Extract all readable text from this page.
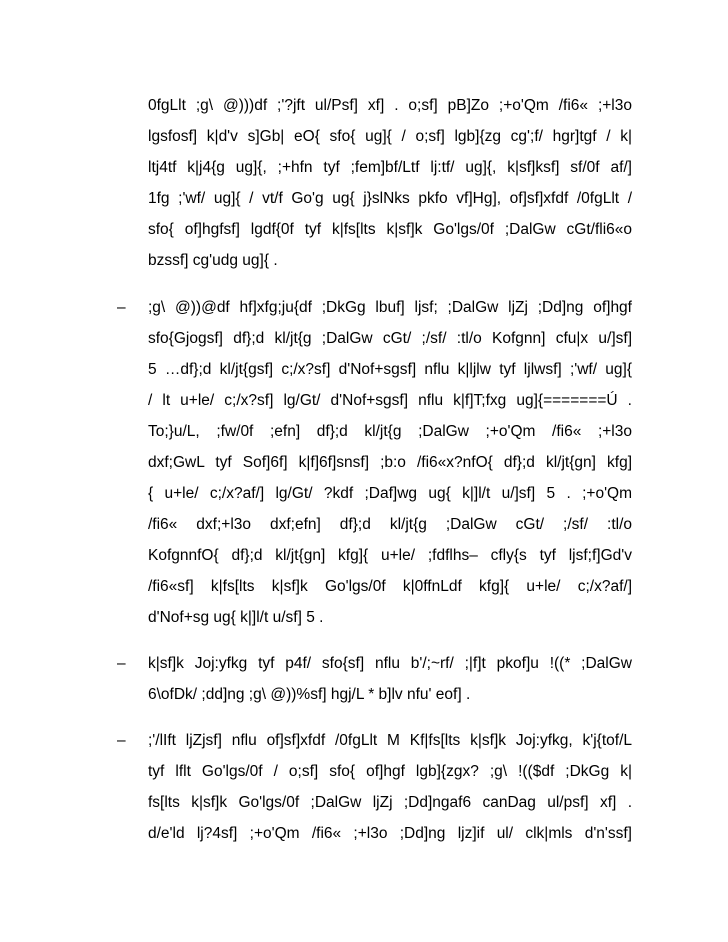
0fgLlt ;g\ @)))df ;'?jft ul/Psf] xf] . o;sf] pB]Zo ;+o'Qm /fi6« ;+l3o
lgsfosf] k|d'v s]Gb| eO{ sfo{ ug]{ / o;sf] lgb]{zg cg';f/ hgr]tgf / k|
ltj4tf k|j4{g ug]{, ;+hfn tyf ;fem]bf/Ltf lj:tf/ ug]{, k|sf]ksf] sf/0f af/]
1fg ;'wf/ ug]{ / vt/f Go'g ug{ j}slNks pkfo vf]Hg], of]sf]xfdf /0fgLlt /
sfo{ of]hgfsf] lgdf{0f tyf k|fs[lts k|sf]k Go'lgs/0f ;DalGw cGt/fli6«o
bzssf] cg'udg ug]{ .
– ;g\ @))@df hf]xfg;ju{df ;DkGg lbuf] ljsf; ;DalGw ljZj ;Dd]ng of]hgf
sfo{Gjogsf] df};d kl/jt{g ;DalGw cGt/ ;/sf/ :tl/o Kofgnn] cfu|x u/]sf]
5 …df};d kl/jt{gsf] c;/x?sf] d'Nof+sgsf] nflu k|ljlw tyf ljlwsf] ;'wf/ ug]{
/ lt u+le/ c;/x?sf] lg/Gt/ d'Nof+sgsf] nflu k|f]T;fxg ug]{=======Ú .
To;}u/L, ;fw/0f ;efn] df};d kl/jt{g ;DalGw ;+o'Qm /fi6« ;+l3o
dxf;GwL tyf Sof]6f] k|f]6f]snsf] ;b:o /fi6«x?nfO{ df};d kl/jt{gn] kfg]
{ u+le/ c;/x?af/] lg/Gt/ ?kdf ;Daf]wg ug{ k|]l/t u/]sf] 5 . ;+o'Qm
/fi6« dxf;+l3o dxf;efn] df};d kl/jt{g ;DalGw cGt/ ;/sf/ :tl/o
KofgnnfO{ df};d kl/jt{gn] kfg]{ u+le/ ;fdflhs– cfly{s tyf ljsf;f]Gd'v
/fi6«sf] k|fs[lts k|sf]k Go'lgs/0f k|0ffnLdf kfg]{ u+le/ c;/x?af/]
d'Nof+sg ug{ k|]l/t u/sf] 5 .
– k|sf]k Joj:yfkg tyf p4f/ sfo{sf] nflu b'/;~rf/ ;|f]t pkof]u !((* ;DalGw
6\ofDk/ ;dd]ng ;g\ @))%sf] hgj/L * b]lv nfu' eof] .
– ;'/lIft ljZjsf] nflu of]sf]xfdf /0fgLlt M Kf|fs[lts k|sf]k Joj:yfkg, k'j{tof/L
tyf lflt Go'lgs/0f / o;sf] sfo{ of]hgf lgb]{zgx? ;g\ !(($df ;DkGg k|
fs[lts k|sf]k Go'lgs/0f ;DalGw ljZj ;Dd]ngaf6 canDag ul/psf] xf] .
d/e'ld lj?4sf] ;+o'Qm /fi6« ;+l3o ;Dd]ng ljz]if ul/ clk|mls d'n'ssf]
